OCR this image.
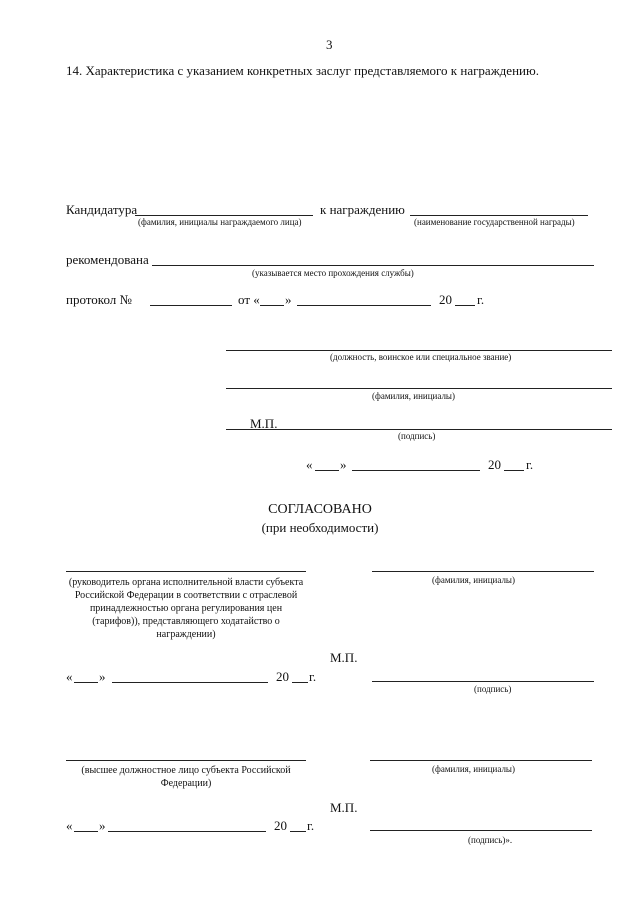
3
14. Характеристика с указанием конкретных заслуг представляемого к награждению.
Кандидатура
(фамилия, инициалы награждаемого лица)
к награждению
(наименование государственной награды)
рекомендована
(указывается место прохождения службы)
протокол №	от « »	20 г.
(должность, воинское или специальное звание)
(фамилия, инициалы)
М.П.
(подпись)
« »	20 г.
СОГЛАСОВАНО
(при необходимости)
(руководитель органа исполнительной власти субъекта Российской Федерации в соответствии с отраслевой принадлежностью органа регулирования цен (тарифов)), представляющего ходатайство о награждении)
(фамилия, инициалы)
М.П.
« »	20 г.
(подпись)
(высшее должностное лицо субъекта Российской Федерации)
(фамилия, инициалы)
М.П.
« »	20 г.
(подпись)».
